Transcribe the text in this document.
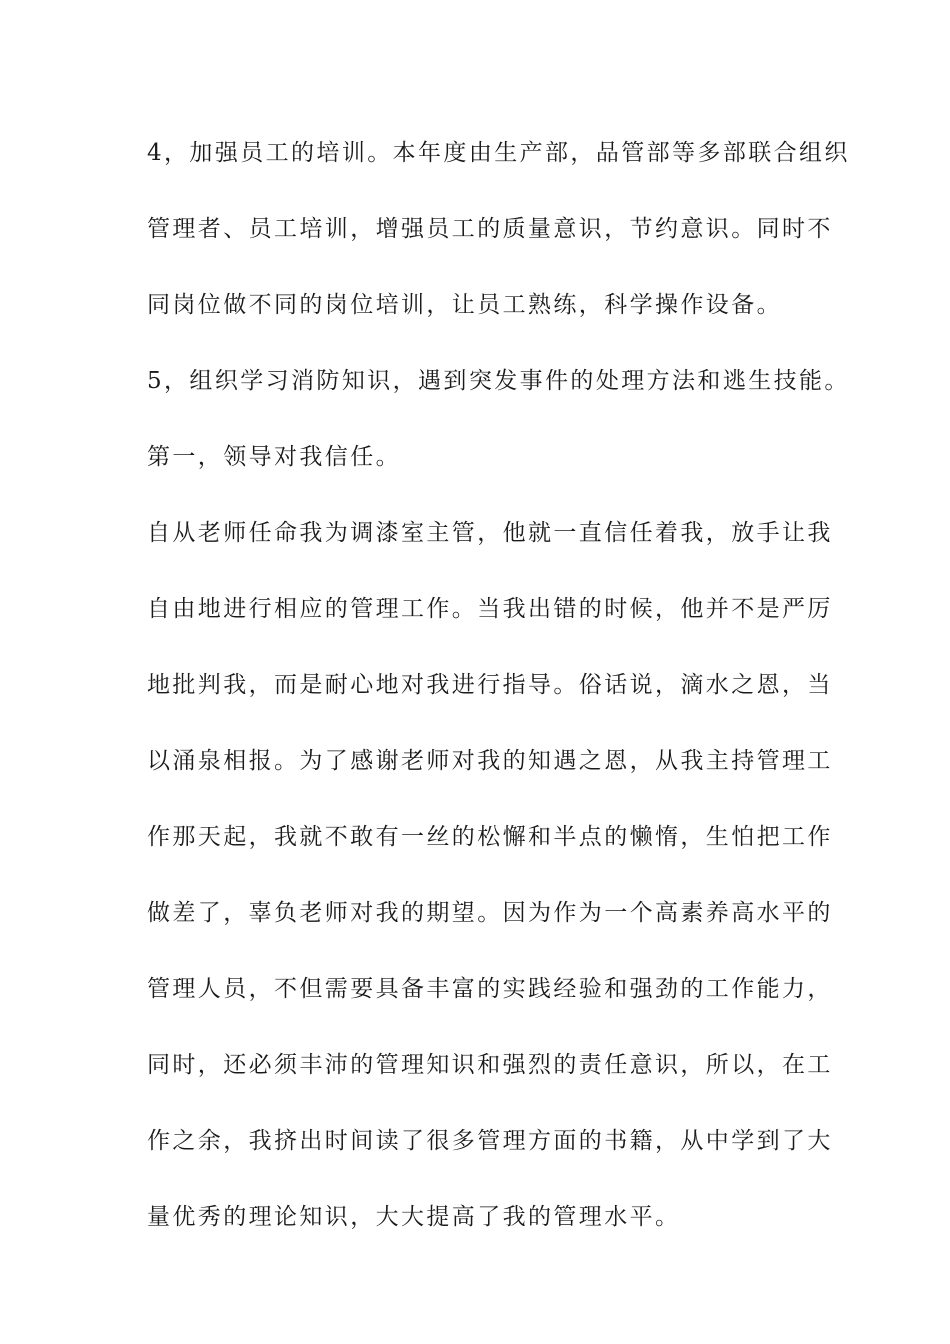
4，加强员工的培训。本年度由生产部，品管部等多部联合组织
管理者、员工培训，增强员工的质量意识，节约意识。同时不
同岗位做不同的岗位培训，让员工熟练，科学操作设备。
5，组织学习消防知识，遇到突发事件的处理方法和逃生技能。
第一，领导对我信任。
自从老师任命我为调漆室主管，他就一直信任着我，放手让我
自由地进行相应的管理工作。当我出错的时候，他并不是严厉
地批判我，而是耐心地对我进行指导。俗话说，滴水之恩，当
以涌泉相报。为了感谢老师对我的知遇之恩，从我主持管理工
作那天起，我就不敢有一丝的松懈和半点的懒惰，生怕把工作
做差了，辜负老师对我的期望。因为作为一个高素养高水平的
管理人员，不但需要具备丰富的实践经验和强劲的工作能力，
同时，还必须丰沛的管理知识和强烈的责任意识，所以，在工
作之余，我挤出时间读了很多管理方面的书籍，从中学到了大
量优秀的理论知识，大大提高了我的管理水平。
